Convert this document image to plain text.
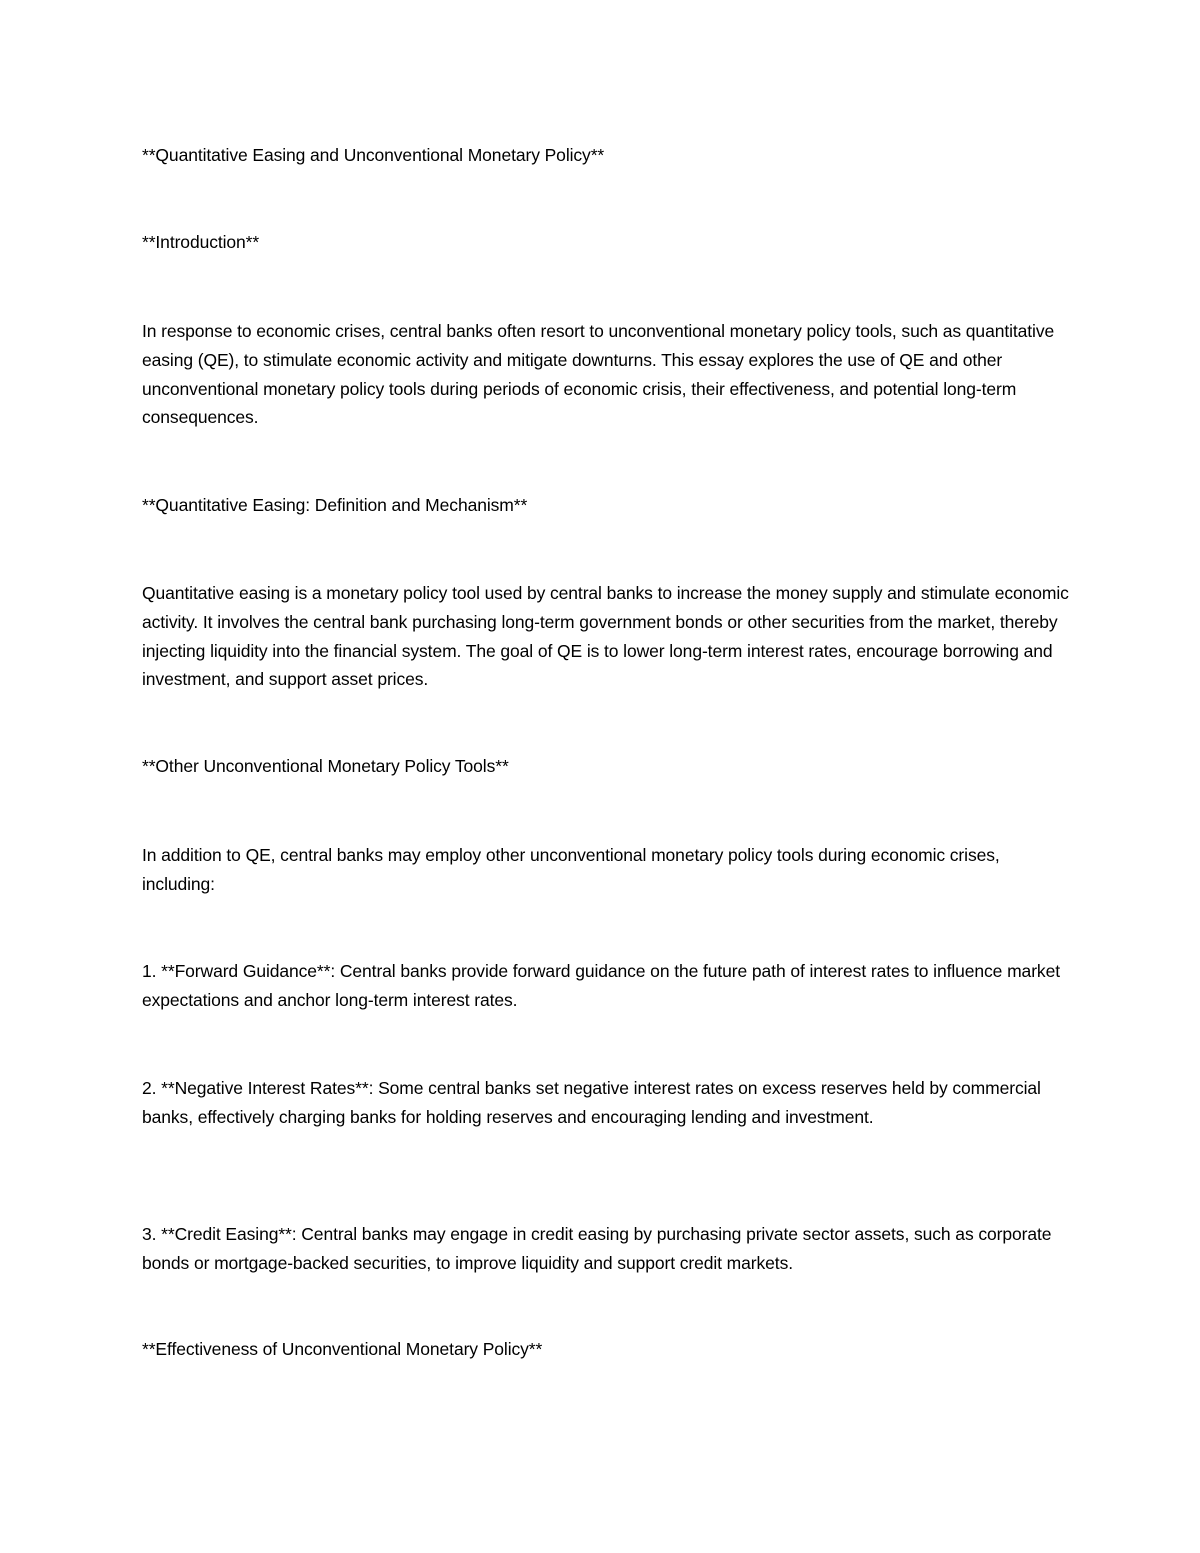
**Quantitative Easing and Unconventional Monetary Policy**

**Introduction**

In response to economic crises, central banks often resort to unconventional monetary policy tools, such as quantitative easing (QE), to stimulate economic activity and mitigate downturns. This essay explores the use of QE and other unconventional monetary policy tools during periods of economic crisis, their effectiveness, and potential long-term consequences.

**Quantitative Easing: Definition and Mechanism**

Quantitative easing is a monetary policy tool used by central banks to increase the money supply and stimulate economic activity. It involves the central bank purchasing long-term government bonds or other securities from the market, thereby injecting liquidity into the financial system. The goal of QE is to lower long-term interest rates, encourage borrowing and investment, and support asset prices.

**Other Unconventional Monetary Policy Tools**

In addition to QE, central banks may employ other unconventional monetary policy tools during economic crises, including:

1. **Forward Guidance**: Central banks provide forward guidance on the future path of interest rates to influence market expectations and anchor long-term interest rates.

2. **Negative Interest Rates**: Some central banks set negative interest rates on excess reserves held by commercial banks, effectively charging banks for holding reserves and encouraging lending and investment.

3. **Credit Easing**: Central banks may engage in credit easing by purchasing private sector assets, such as corporate bonds or mortgage-backed securities, to improve liquidity and support credit markets.

**Effectiveness of Unconventional Monetary Policy**
